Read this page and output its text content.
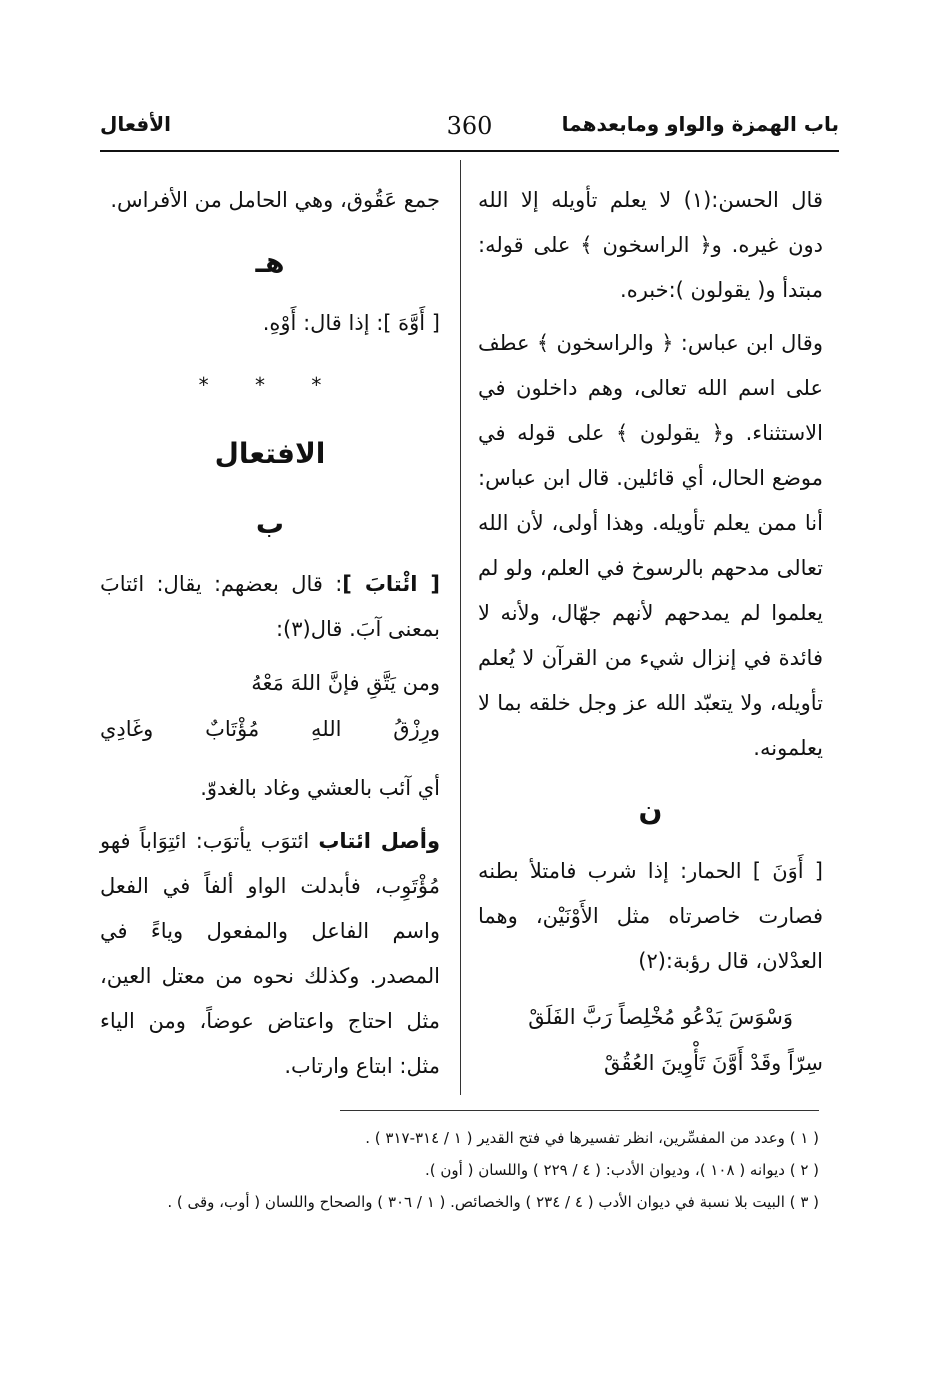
باب الهمزة والواو ومابعدهما
360
الأفعال

قال الحسن:(١) لا يعلم تأويله إلا الله دون غيره. و﴿ الراسخون ﴾ على قوله: مبتدأ و( يقولون ):خبره.

وقال ابن عباس: ﴿ والراسخون ﴾ عطف على اسم الله تعالى، وهم داخلون في الاستثناء. و﴿ يقولون ﴾ على قوله في موضع الحال، أي قائلين. قال ابن عباس: أنا ممن يعلم تأويله. وهذا أولى، لأن الله تعالى مدحهم بالرسوخ في العلم، ولو لم يعلموا لم يمدحهم لأنهم جهّال، ولأنه لا فائدة في إنزال شيء من القرآن لا يُعلم تأويله، ولا يتعبّد الله عز وجل خلقه بما لا يعلمونه.

ن

[ أَوَنَ ] الحمار: إذا شرب فامتلأ بطنه فصارت خاصرتاه مثل الأَوْنَيْن، وهما العدْلان، قال رؤبة:(٢)

وَسْوَسَ يَدْعُو مُخْلِصاً رَبَّ الفَلَقْ
سِرّاً وقَدْ أَوَّنَ تَأْوِينَ العُقُقْ

جمع عَقُوق، وهي الحامل من الأفراس.

هـ

[ أَوَّهَ ]: إذا قال: أَوْهِ.

* * *

الافتعال

ب

[ ائْتابَ ]: قال بعضهم: يقال: ائتابَ بمعنى آبَ. قال(٣):

ومن يَتَّقِ فإنَّ اللهَ مَعْهُ
ورِزْقُ اللهِ مُؤْتَابٌ وغَادِي

أي آئب بالعشي وغاد بالغدوّ.

وأصل ائتاب ائتوَب يأتوَب: ائتِوَاباً فهو مُؤْتَوِب، فأبدلت الواو ألفاً في الفعل واسم الفاعل والمفعول وياءً في المصدر. وكذلك نحوه من معتل العين، مثل احتاج واعتاض عوضاً، ومن الياء مثل: ابتاع وارتاب.

( ١ ) وعدد من المفسِّرين، انظر تفسيرها في فتح القدير ( ١ / ٣١٤-٣١٧ ) .
( ٢ ) ديوانه ( ١٠٨ )، وديوان الأدب: ( ٤ / ٢٢٩ ) واللسان ( أون ).
( ٣ ) البيت بلا نسبة في ديوان الأدب ( ٤ / ٢٣٤ ) والخصائص. ( ١ / ٣٠٦ ) والصحاح واللسان ( أوب، وقى ) .
